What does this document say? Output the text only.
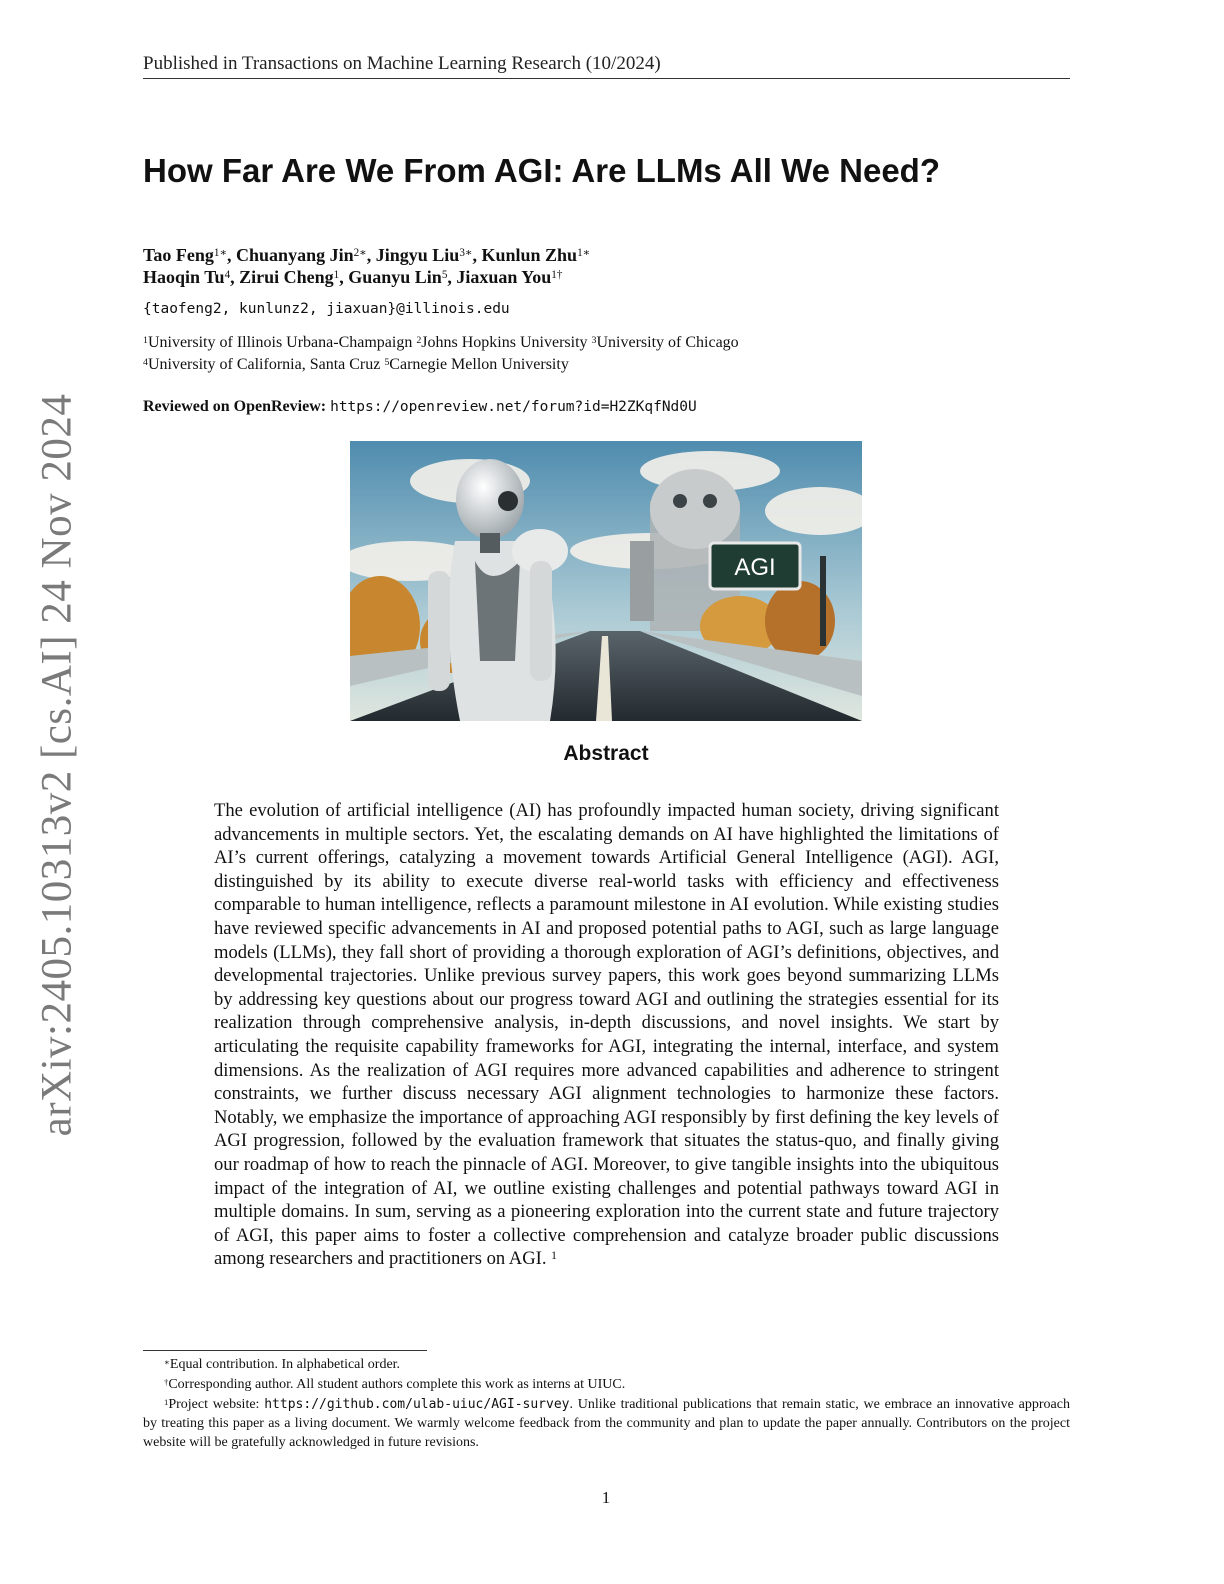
Published in Transactions on Machine Learning Research (10/2024)
arXiv:2405.10313v2 [cs.AI] 24 Nov 2024
How Far Are We From AGI: Are LLMs All We Need?
Tao Feng$^{1∗}$, Chuanyang Jin$^{2∗}$, Jingyu Liu$^{3∗}$, Kunlun Zhu$^{1∗}$
Haoqin Tu$^4$, Zirui Cheng$^1$, Guanyu Lin$^5$, Jiaxuan You$^{1\dagger}$
{taofeng2, kunlunz2, jiaxuan}@illinois.edu
$^1$University of Illinois Urbana-Champaign $^2$Johns Hopkins University $^3$University of Chicago
$^4$University of California, Santa Cruz $^5$Carnegie Mellon University
Reviewed on OpenReview: https://openreview.net/forum?id=H2ZKqfNd0U
AGI
Abstract

The evolution of artificial intelligence (AI) has profoundly impacted human society, driving significant advancements in multiple sectors. Yet, the escalating demands on AI have highlighted the limitations of AI’s current offerings, catalyzing a movement towards Artificial General Intelligence (AGI). AGI, distinguished by its ability to execute diverse real-world tasks with efficiency and effectiveness comparable to human intelligence, reflects a paramount milestone in AI evolution. While existing studies have reviewed specific advancements in AI and proposed potential paths to AGI, such as large language models (LLMs), they fall short of providing a thorough exploration of AGI’s definitions, objectives, and developmental trajectories. Unlike previous survey papers, this work goes beyond summarizing LLMs by addressing key questions about our progress toward AGI and outlining the strategies essential for its realization through comprehensive analysis, in-depth discussions, and novel insights. We start by articulating the requisite capability frameworks for AGI, integrating the internal, interface, and system dimensions. As the realization of AGI requires more advanced capabilities and adherence to stringent constraints, we further discuss necessary AGI alignment technologies to harmonize these factors. Notably, we emphasize the importance of approaching AGI responsibly by first defining the key levels of AGI progression, followed by the evaluation framework that situates the status-quo, and finally giving our roadmap of how to reach the pinnacle of AGI. Moreover, to give tangible insights into the ubiquitous impact of the integration of AI, we outline existing challenges and potential pathways toward AGI in multiple domains. In sum, serving as a pioneering exploration into the current state and future trajectory of AGI, this paper aims to foster a collective comprehension and catalyze broader public discussions among researchers and practitioners on AGI. $^1$

∗Equal contribution. In alphabetical order.
†Corresponding author. All student authors complete this work as interns at UIUC.
$^1$Project website: https://github.com/ulab-uiuc/AGI-survey. Unlike traditional publications that remain static, we embrace an innovative approach by treating this paper as a living document. We warmly welcome feedback from the community and plan to update the paper annually. Contributors on the project website will be gratefully acknowledged in future revisions.
1
